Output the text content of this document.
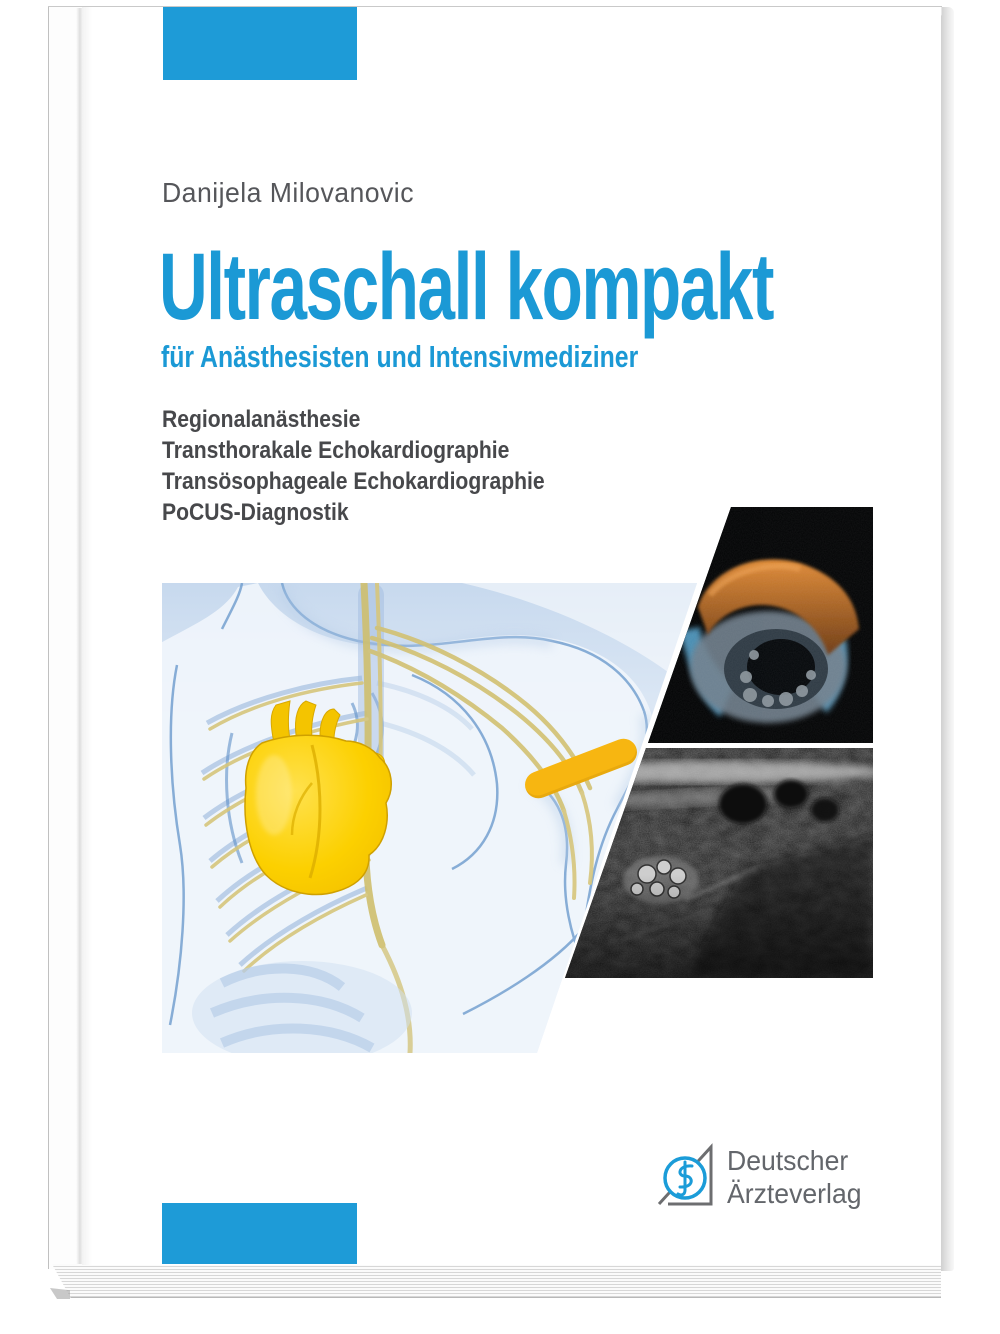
Danijela Milovanovic
Ultraschall kompakt
für Anästhesisten und Intensivmediziner
Regionalanästhesie
Transthorakale Echokardiographie
Transösophageale Echokardiographie
PoCUS-Diagnostik
Deutscher
Ärzteverlag
